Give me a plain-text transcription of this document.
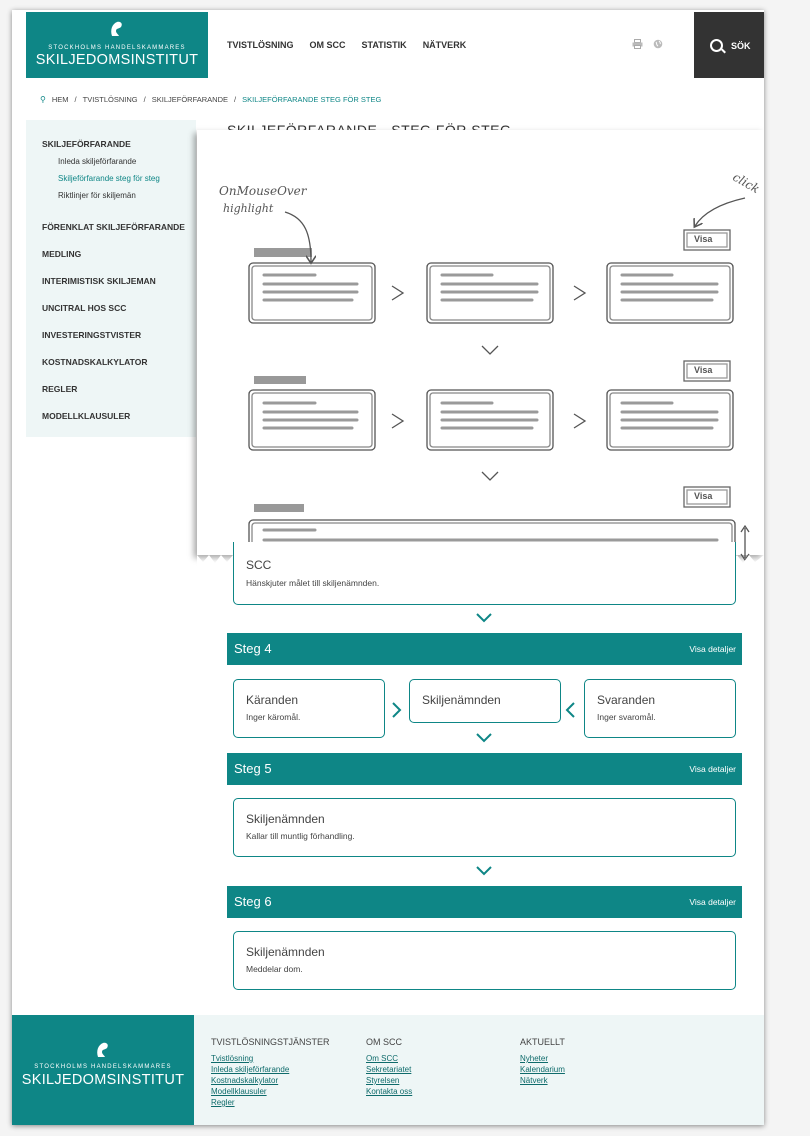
STOCKHOLMS HANDELSKAMMARES
SKILJEDOMSINSTITUT
TVISTLÖSNING OM SCC STATISTIK NÄTVERK	SÖK
⚲ HEM / TVISTLÖSNING / SKILJEFÖRFARANDE / SKILJEFÖRFARANDE STEG FÖR STEG
SKILJEFÖRFARANDE
Inleda skiljeförfarande
Skiljeförfarande steg för steg
Riktlinjer för skiljemän
FÖRENKLAT SKILJEFÖRFARANDE
MEDLING
INTERIMISTISK SKILJEMAN
UNCITRAL HOS SCC
INVESTERINGSTVISTER
KOSTNADSKALKYLATOR
REGLER
MODELLKLAUSULER
OnMouseOver
highlight
click
Visa
Visa
Visa
SCC
Hänskjuter målet till skiljenämnden.
Steg 4	Visa detaljer
Käranden
Inger käromål.
Skiljenämnden	Svaranden
Inger svaromål.
Steg 5	Visa detaljer
Skiljenämnden
Kallar till muntlig förhandling.
Steg 6	Visa detaljer
Skiljenämnden
Meddelar dom.
STOCKHOLMS HANDELSKAMMARES
SKILJEDOMSINSTITUT
TVISTLÖSNINGSTJÄNSTER
Tvistlösning
Inleda skiljeförfarande
Kostnadskalkylator
Modellklausuler
Regler
OM SCC
Om SCC
Sekretariatet
Styrelsen
Kontakta oss
AKTUELLT
Nyheter
Kalendarium
Nätverk
